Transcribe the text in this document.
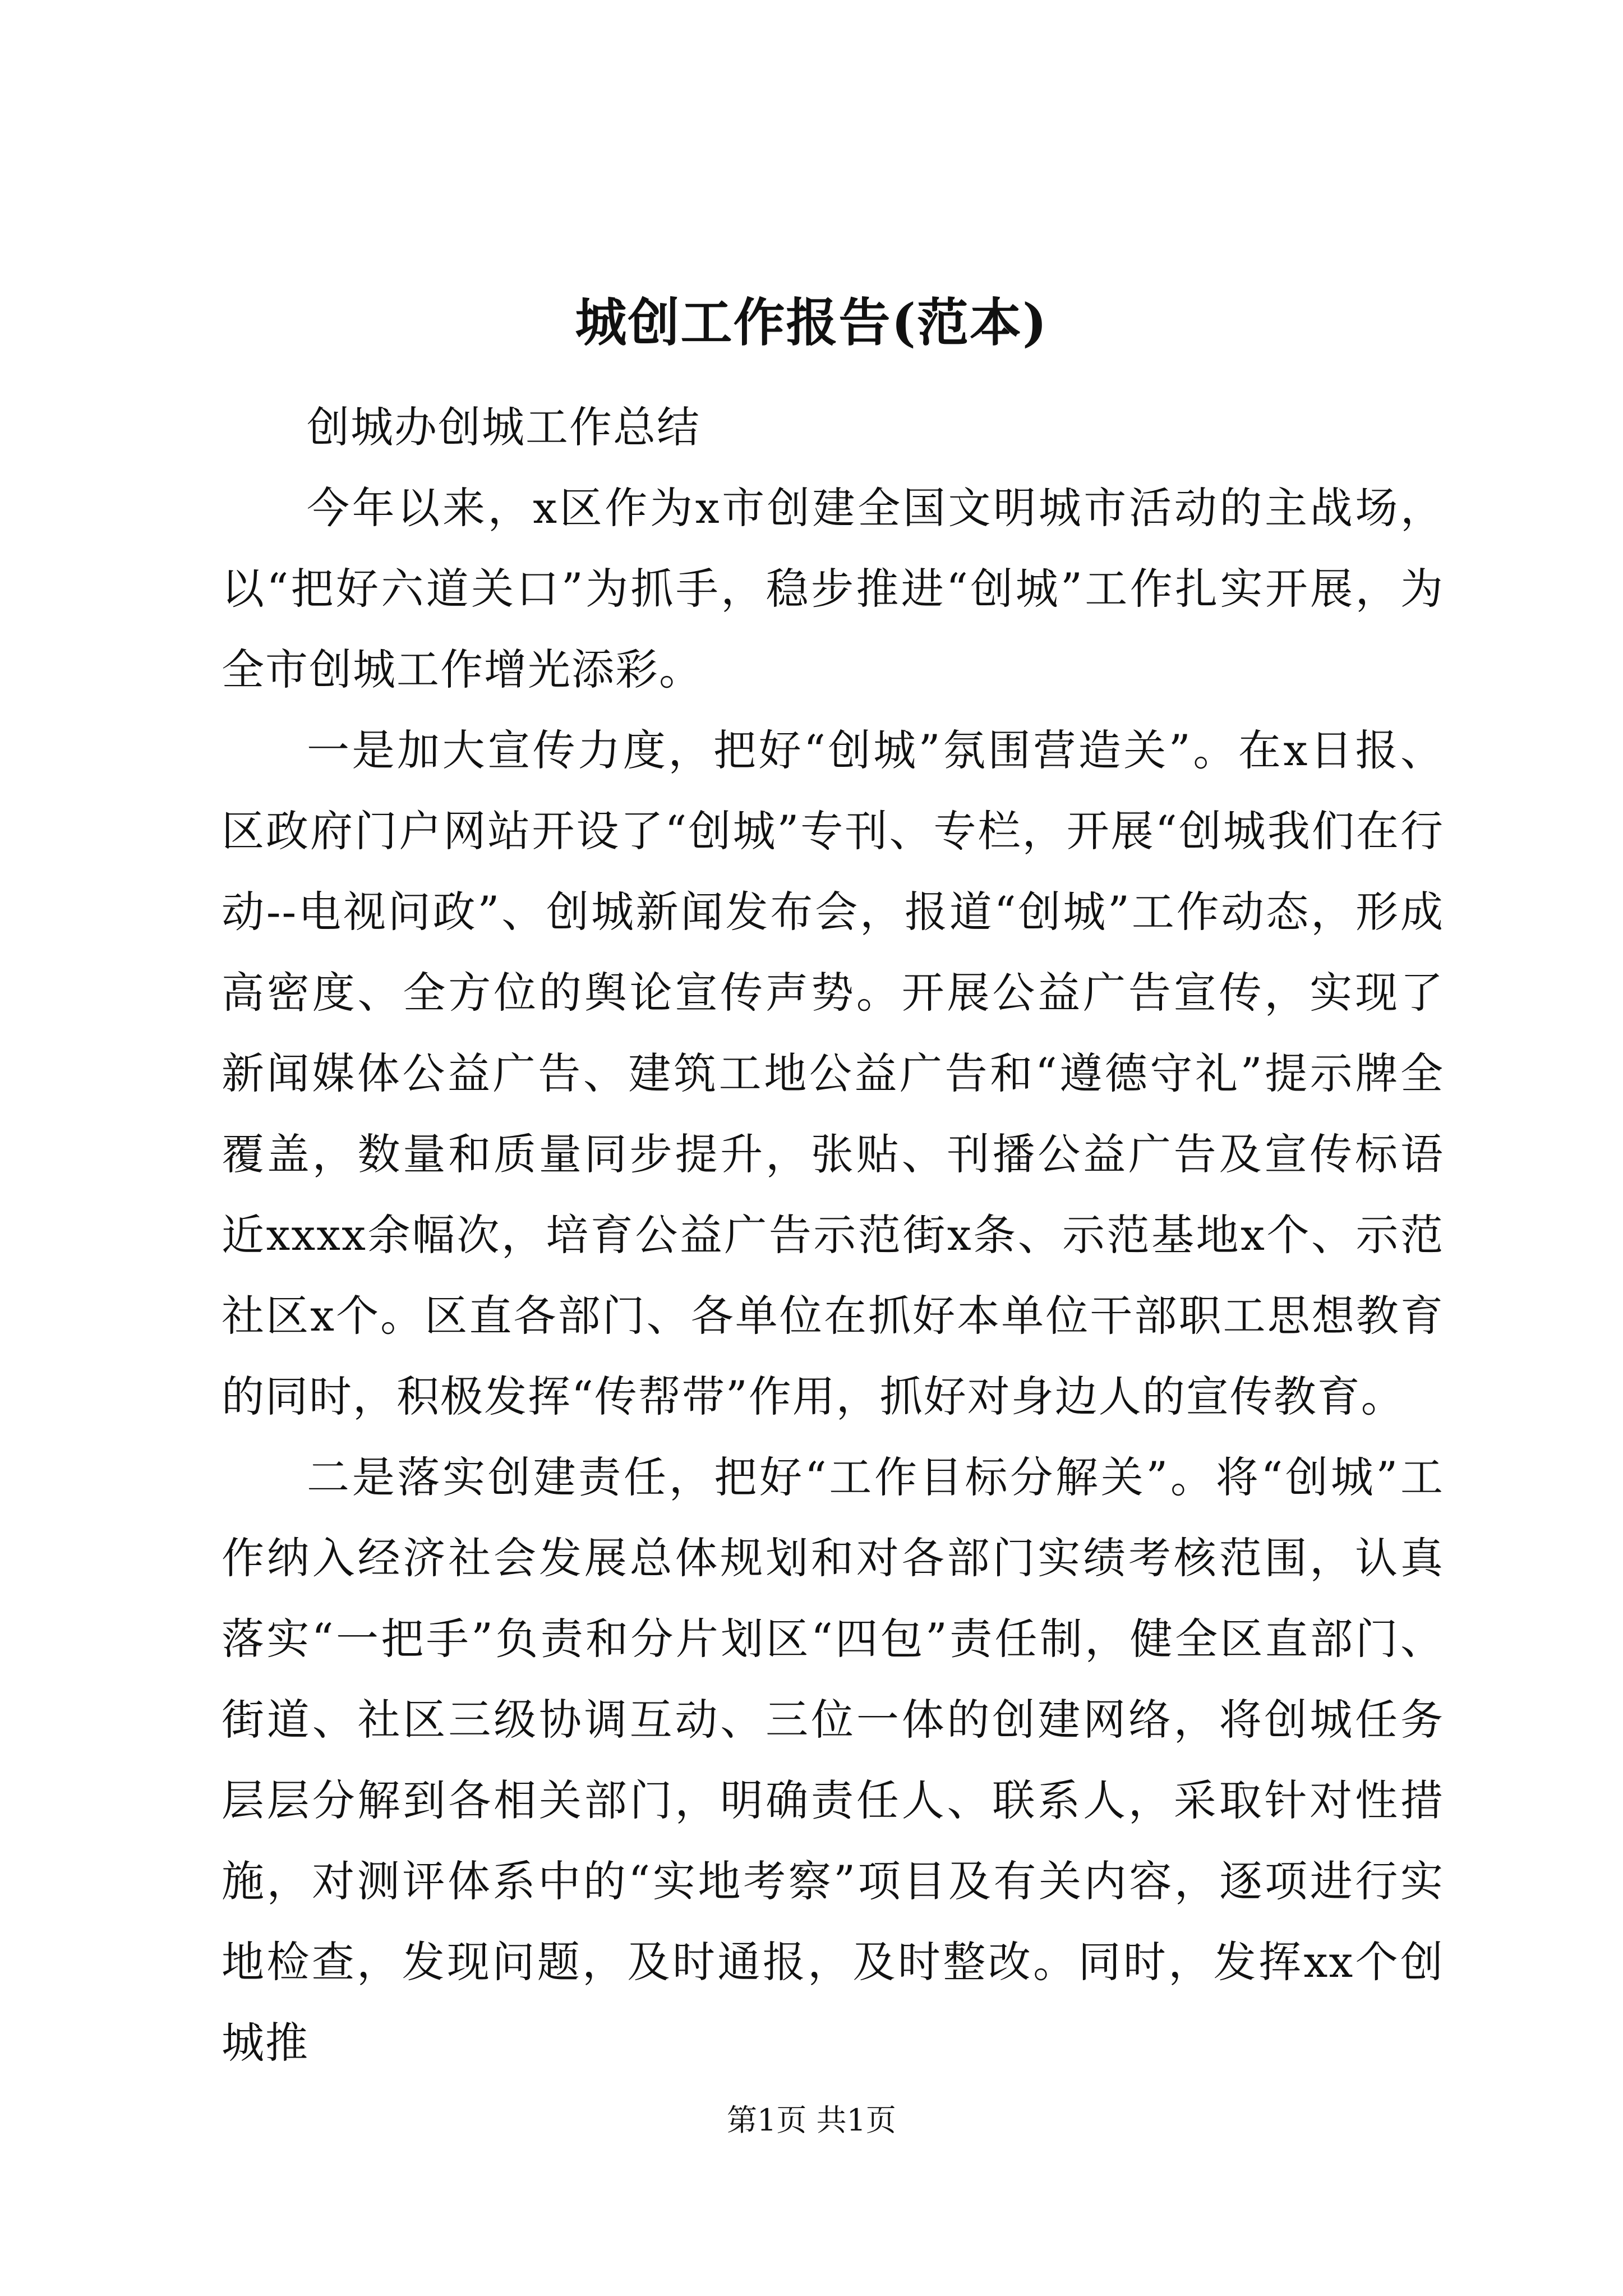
城创工作报告(范本)

创城办创城工作总结

今年以来，x区作为x市创建全国文明城市活动的主战场，以“把好六道关口”为抓手，稳步推进“创城”工作扎实开展，为全市创城工作增光添彩。

一是加大宣传力度，把好“创城”氛围营造关”。在x日报、区政府门户网站开设了“创城”专刊、专栏，开展“创城我们在行动--电视问政”、创城新闻发布会，报道“创城”工作动态，形成高密度、全方位的舆论宣传声势。开展公益广告宣传，实现了新闻媒体公益广告、建筑工地公益广告和“遵德守礼”提示牌全覆盖，数量和质量同步提升，张贴、刊播公益广告及宣传标语近xxxx余幅次，培育公益广告示范街x条、示范基地x个、示范社区x个。区直各部门、各单位在抓好本单位干部职工思想教育的同时，积极发挥“传帮带”作用，抓好对身边人的宣传教育。

二是落实创建责任，把好“工作目标分解关”。将“创城”工作纳入经济社会发展总体规划和对各部门实绩考核范围，认真落实“一把手”负责和分片划区“四包”责任制，健全区直部门、街道、社区三级协调互动、三位一体的创建网络，将创城任务层层分解到各相关部门，明确责任人、联系人，采取针对性措施，对测评体系中的“实地考察”项目及有关内容，逐项进行实地检查，发现问题，及时通报，及时整改。同时，发挥xx个创城推

第1页 共1页
